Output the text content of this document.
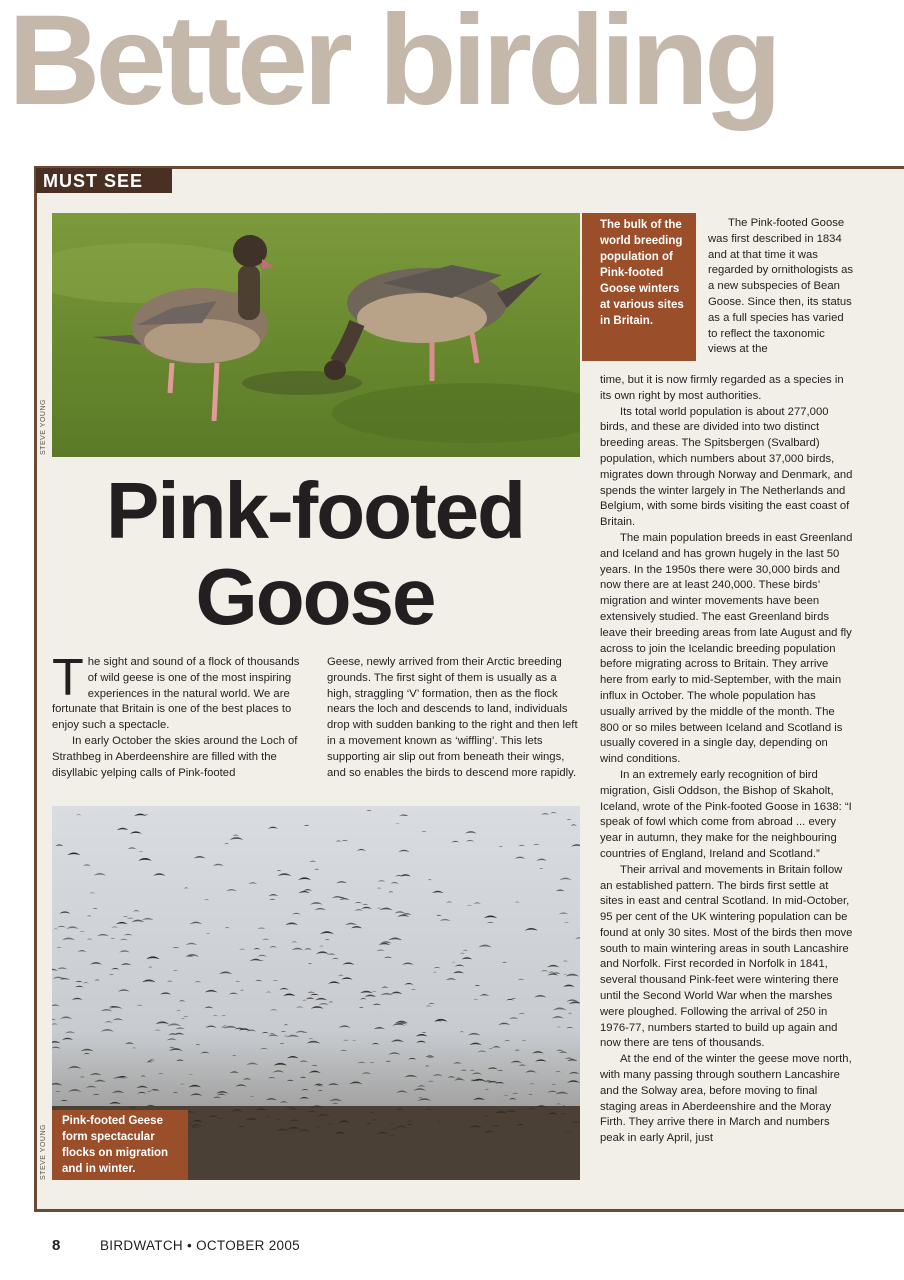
Better birding
MUST SEE
STEVE YOUNG
The bulk of the world breeding population of Pink-footed Goose winters at various sites in Britain.
Pink-footed
Goose

The sight and sound of a flock of thousands of wild geese is one of the most inspiring experiences in the natural world. We are fortunate that Britain is one of the best places to enjoy such a spectacle.

In early October the skies around the Loch of Strathbeg in Aberdeenshire are filled with the disyllabic yelping calls of Pink-footed

Geese, newly arrived from their Arctic breeding grounds. The first sight of them is usually as a high, straggling ‘V’ formation, then as the flock nears the loch and descends to land, individuals drop with sudden banking to the right and then left in a movement known as ‘wiffling’. This lets supporting air slip out from beneath their wings, and so enables the birds to descend more rapidly.

The Pink-footed Goose was first described in 1834 and at that time it was regarded by ornithologists as a new subspecies of Bean Goose. Since then, its status as a full species has varied to reflect the taxonomic views at the

time, but it is now firmly regarded as a species in its own right by most authorities.

Its total world population is about 277,000 birds, and these are divided into two distinct breeding areas. The Spitsbergen (Svalbard) population, which numbers about 37,000 birds, migrates down through Norway and Denmark, and spends the winter largely in The Netherlands and Belgium, with some birds visiting the east coast of Britain.

The main population breeds in east Greenland and Iceland and has grown hugely in the last 50 years. In the 1950s there were 30,000 birds and now there are at least 240,000. These birds’ migration and winter movements have been extensively studied. The east Greenland birds leave their breeding areas from late August and fly across to join the Icelandic breeding population before migrating across to Britain. They arrive here from early to mid-September, with the main influx in October. The whole population has usually arrived by the middle of the month. The 800 or so miles between Iceland and Scotland is usually covered in a single day, depending on wind conditions.

In an extremely early recognition of bird migration, Gisli Oddson, the Bishop of Skaholt, Iceland, wrote of the Pink-footed Goose in 1638: “I speak of fowl which come from abroad ... every year in autumn, they make for the neighbouring countries of England, Ireland and Scotland.”

Their arrival and movements in Britain follow an established pattern. The birds first settle at sites in east and central Scotland. In mid-October, 95 per cent of the UK wintering population can be found at only 30 sites. Most of the birds then move south to main wintering areas in south Lancashire and Norfolk. First recorded in Norfolk in 1841, several thousand Pink-feet were wintering there until the Second World War when the marshes were ploughed. Following the arrival of 250 in 1976-77, numbers started to build up again and now there are tens of thousands.

At the end of the winter the geese move north, with many passing through southern Lancashire and the Solway area, before moving to final staging areas in Aberdeenshire and the Moray Firth. They arrive there in March and numbers peak in early April, just

STEVE YOUNG
Pink-footed Geese form spectacular flocks on migration and in winter.
8	BIRDWATCH • OCTOBER 2005
